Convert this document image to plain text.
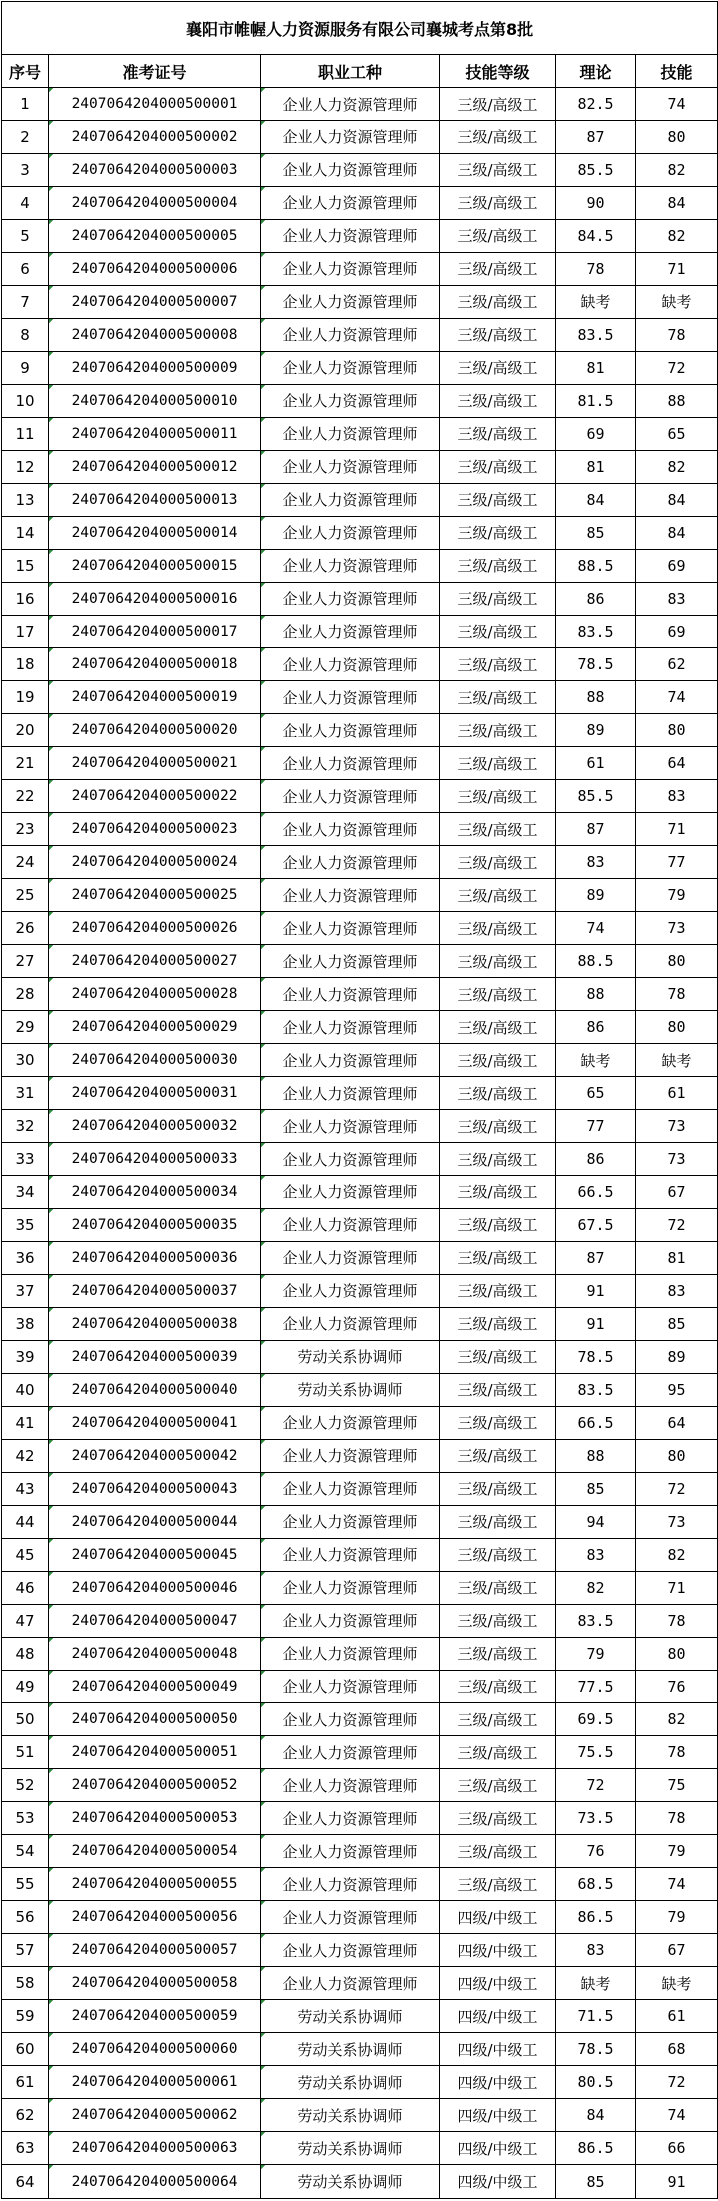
襄阳市帷幄人力资源服务有限公司襄城考点第8批					
序号	准考证号	职业工种	技能等级	理论	技能
1	2407064204000500001	企业人力资源管理师	三级/高级工	82.5	74
2	2407064204000500002	企业人力资源管理师	三级/高级工	87	80
3	2407064204000500003	企业人力资源管理师	三级/高级工	85.5	82
4	2407064204000500004	企业人力资源管理师	三级/高级工	90	84
5	2407064204000500005	企业人力资源管理师	三级/高级工	84.5	82
6	2407064204000500006	企业人力资源管理师	三级/高级工	78	71
7	2407064204000500007	企业人力资源管理师	三级/高级工	缺考	缺考
8	2407064204000500008	企业人力资源管理师	三级/高级工	83.5	78
9	2407064204000500009	企业人力资源管理师	三级/高级工	81	72
10	2407064204000500010	企业人力资源管理师	三级/高级工	81.5	88
11	2407064204000500011	企业人力资源管理师	三级/高级工	69	65
12	2407064204000500012	企业人力资源管理师	三级/高级工	81	82
13	2407064204000500013	企业人力资源管理师	三级/高级工	84	84
14	2407064204000500014	企业人力资源管理师	三级/高级工	85	84
15	2407064204000500015	企业人力资源管理师	三级/高级工	88.5	69
16	2407064204000500016	企业人力资源管理师	三级/高级工	86	83
17	2407064204000500017	企业人力资源管理师	三级/高级工	83.5	69
18	2407064204000500018	企业人力资源管理师	三级/高级工	78.5	62
19	2407064204000500019	企业人力资源管理师	三级/高级工	88	74
20	2407064204000500020	企业人力资源管理师	三级/高级工	89	80
21	2407064204000500021	企业人力资源管理师	三级/高级工	61	64
22	2407064204000500022	企业人力资源管理师	三级/高级工	85.5	83
23	2407064204000500023	企业人力资源管理师	三级/高级工	87	71
24	2407064204000500024	企业人力资源管理师	三级/高级工	83	77
25	2407064204000500025	企业人力资源管理师	三级/高级工	89	79
26	2407064204000500026	企业人力资源管理师	三级/高级工	74	73
27	2407064204000500027	企业人力资源管理师	三级/高级工	88.5	80
28	2407064204000500028	企业人力资源管理师	三级/高级工	88	78
29	2407064204000500029	企业人力资源管理师	三级/高级工	86	80
30	2407064204000500030	企业人力资源管理师	三级/高级工	缺考	缺考
31	2407064204000500031	企业人力资源管理师	三级/高级工	65	61
32	2407064204000500032	企业人力资源管理师	三级/高级工	77	73
33	2407064204000500033	企业人力资源管理师	三级/高级工	86	73
34	2407064204000500034	企业人力资源管理师	三级/高级工	66.5	67
35	2407064204000500035	企业人力资源管理师	三级/高级工	67.5	72
36	2407064204000500036	企业人力资源管理师	三级/高级工	87	81
37	2407064204000500037	企业人力资源管理师	三级/高级工	91	83
38	2407064204000500038	企业人力资源管理师	三级/高级工	91	85
39	2407064204000500039	劳动关系协调师	三级/高级工	78.5	89
40	2407064204000500040	劳动关系协调师	三级/高级工	83.5	95
41	2407064204000500041	企业人力资源管理师	三级/高级工	66.5	64
42	2407064204000500042	企业人力资源管理师	三级/高级工	88	80
43	2407064204000500043	企业人力资源管理师	三级/高级工	85	72
44	2407064204000500044	企业人力资源管理师	三级/高级工	94	73
45	2407064204000500045	企业人力资源管理师	三级/高级工	83	82
46	2407064204000500046	企业人力资源管理师	三级/高级工	82	71
47	2407064204000500047	企业人力资源管理师	三级/高级工	83.5	78
48	2407064204000500048	企业人力资源管理师	三级/高级工	79	80
49	2407064204000500049	企业人力资源管理师	三级/高级工	77.5	76
50	2407064204000500050	企业人力资源管理师	三级/高级工	69.5	82
51	2407064204000500051	企业人力资源管理师	三级/高级工	75.5	78
52	2407064204000500052	企业人力资源管理师	三级/高级工	72	75
53	2407064204000500053	企业人力资源管理师	三级/高级工	73.5	78
54	2407064204000500054	企业人力资源管理师	三级/高级工	76	79
55	2407064204000500055	企业人力资源管理师	三级/高级工	68.5	74
56	2407064204000500056	企业人力资源管理师	四级/中级工	86.5	79
57	2407064204000500057	企业人力资源管理师	四级/中级工	83	67
58	2407064204000500058	企业人力资源管理师	四级/中级工	缺考	缺考
59	2407064204000500059	劳动关系协调师	四级/中级工	71.5	61
60	2407064204000500060	劳动关系协调师	四级/中级工	78.5	68
61	2407064204000500061	劳动关系协调师	四级/中级工	80.5	72
62	2407064204000500062	劳动关系协调师	四级/中级工	84	74
63	2407064204000500063	劳动关系协调师	四级/中级工	86.5	66
64	2407064204000500064	劳动关系协调师	四级/中级工	85	91
